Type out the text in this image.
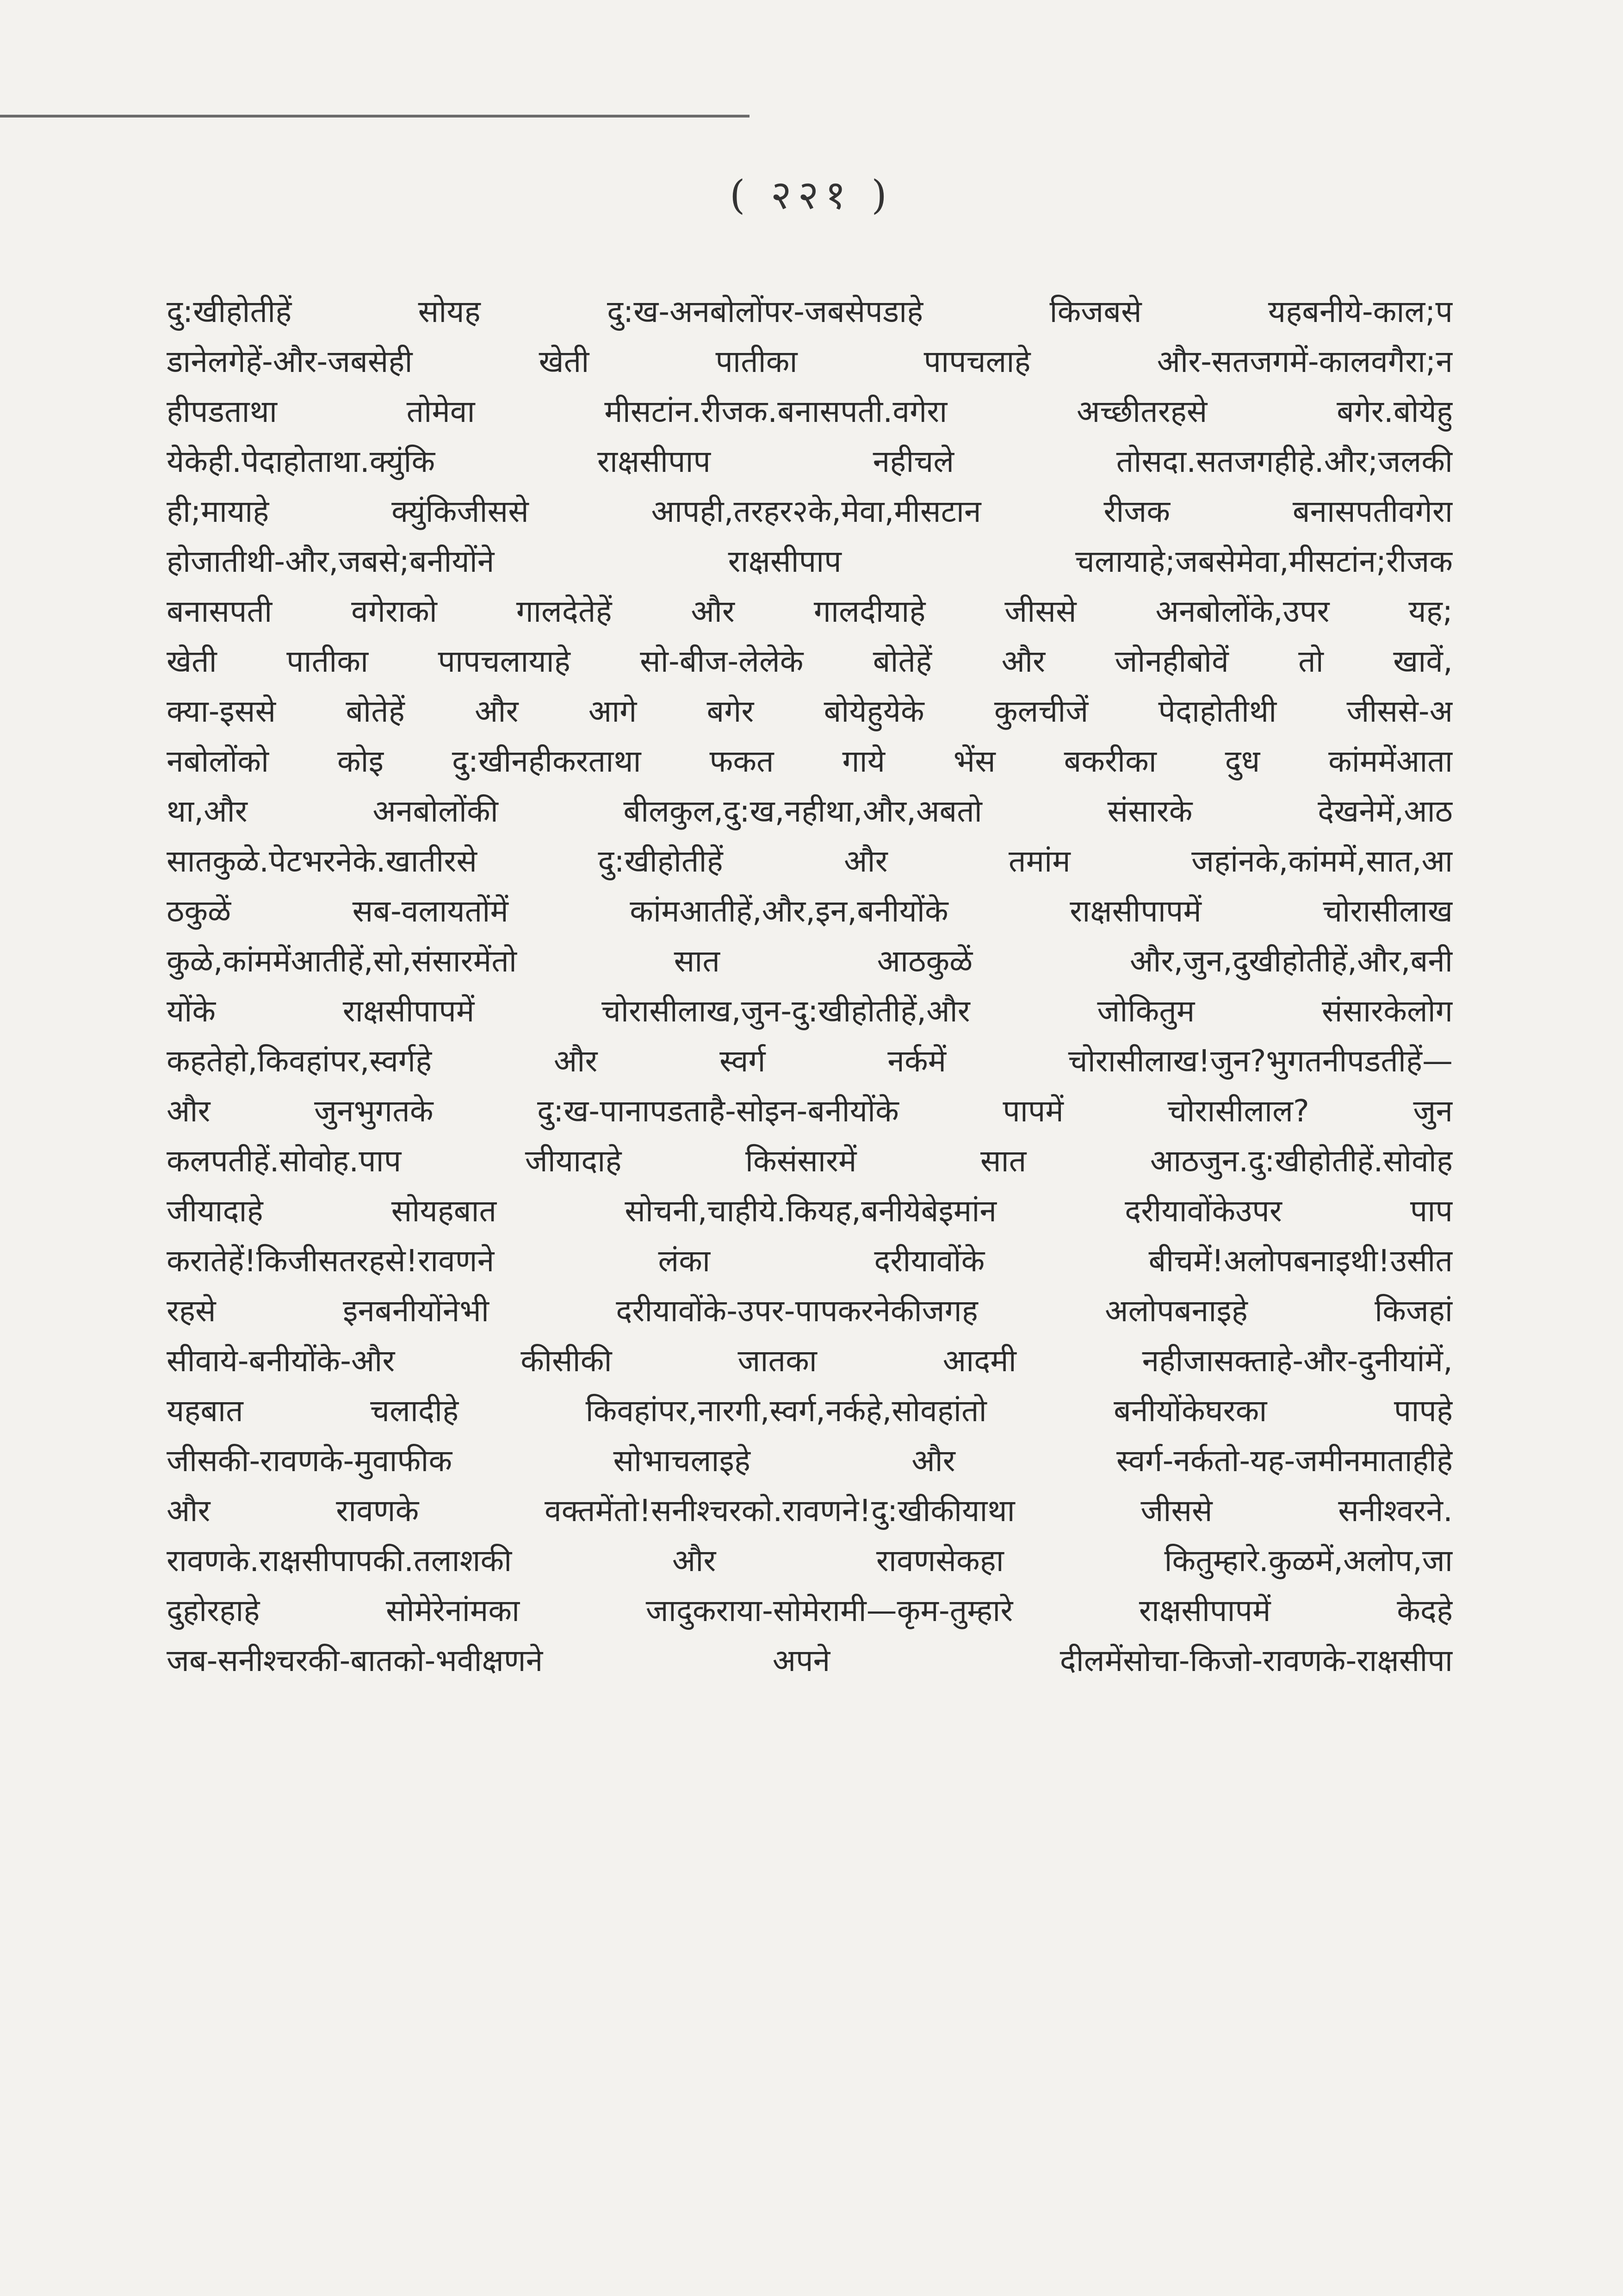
( २२१ )
दु:खीहोतीहें सोयह दु:ख-अनबोलोंपर-जबसेपडाहे किजबसे यहबनीये-काल;प
डानेलगेहें-और-जबसेही खेती पातीका पापचलाहे और-सतजगमें-कालवगैरा;न
हीपडताथा तोमेवा मीसटांन.रीजक.बनासपती.वगेरा अच्छीतरहसे बगेर.बोयेहु
येकेही.पेदाहोताथा.क्युंकि राक्षसीपाप नहीचले तोसदा.सतजगहीहे.और;जलकी
ही;मायाहे क्युंकिजीससे आपही,तरहर२के,मेवा,मीसटान रीजक बनासपतीवगेरा
होजातीथी-और,जबसे;बनीयोंने राक्षसीपाप चलायाहे;जबसेमेवा,मीसटांन;रीजक
बनासपती वगेराको गालदेतेहें और गालदीयाहे जीससे अनबोलोंके,उपर यह;
खेती पातीका पापचलायाहे सो-बीज-लेलेके बोतेहें और जोनहीबोवें तो खावें,
क्या-इससे बोतेहें और आगे बगेर बोयेहुयेके कुलचीजें पेदाहोतीथी जीससे-अ
नबोलोंको कोइ दु:खीनहीकरताथा फकत गाये भेंस बकरीका दुध कांममेंआता
था,और अनबोलोंकी बीलकुल,दु:ख,नहीथा,और,अबतो संसारके देखनेमें,आठ
सातकुळे.पेटभरनेके.खातीरसे दु:खीहोतीहें और तमांम जहांनके,कांममें,सात,आ
ठकुळें सब-वलायतोंमें कांमआतीहें,और,इन,बनीयोंके राक्षसीपापमें चोरासीलाख
कुळे,कांममेंआतीहें,सो,संसारमेंतो सात आठकुळें और,जुन,दुखीहोतीहें,और,बनी
योंके राक्षसीपापमें चोरासीलाख,जुन-दु:खीहोतीहें,और जोकितुम संसारकेलोग
कहतेहो,किवहांपर,स्वर्गहे और स्वर्ग नर्कमें चोरासीलाख!जुन?भुगतनीपडतीहें—
और जुनभुगतके दु:ख-पानापडताहै-सोइन-बनीयोंके पापमें चोरासीलाल? जुन
कलपतीहें.सोवोह.पाप जीयादाहे किसंसारमें सात आठजुन.दु:खीहोतीहें.सोवोह
जीयादाहे सोयहबात सोचनी,चाहीये.कियह,बनीयेबेइमांन दरीयावोंकेउपर पाप
करातेहें!किजीसतरहसे!रावणने लंका दरीयावोंके बीचमें!अलोपबनाइथी!उसीत
रहसे इनबनीयोंनेभी दरीयावोंके-उपर-पापकरनेकीजगह अलोपबनाइहे किजहां
सीवाये-बनीयोंके-और कीसीकी जातका आदमी नहीजासक्ताहे-और-दुनीयांमें,
यहबात चलादीहे किवहांपर,नारगी,स्वर्ग,नर्कहे,सोवहांतो बनीयोंकेघरका पापहे
जीसकी-रावणके-मुवाफीक सोभाचलाइहे और स्वर्ग-नर्कतो-यह-जमीनमाताहीहे
और रावणके वक्तमेंतो!सनीश्चरको.रावणने!दु:खीकीयाथा जीससे सनीश्वरने.
रावणके.राक्षसीपापकी.तलाशकी और रावणसेकहा कितुम्हारे.कुळमें,अलोप,जा
दुहोरहाहे सोमेरेनांमका जादुकराया-सोमेरामी—कृम-तुम्हारे राक्षसीपापमें केदहे
जब-सनीश्चरकी-बातको-भवीक्षणने अपने दीलमेंसोचा-किजो-रावणके-राक्षसीपा
